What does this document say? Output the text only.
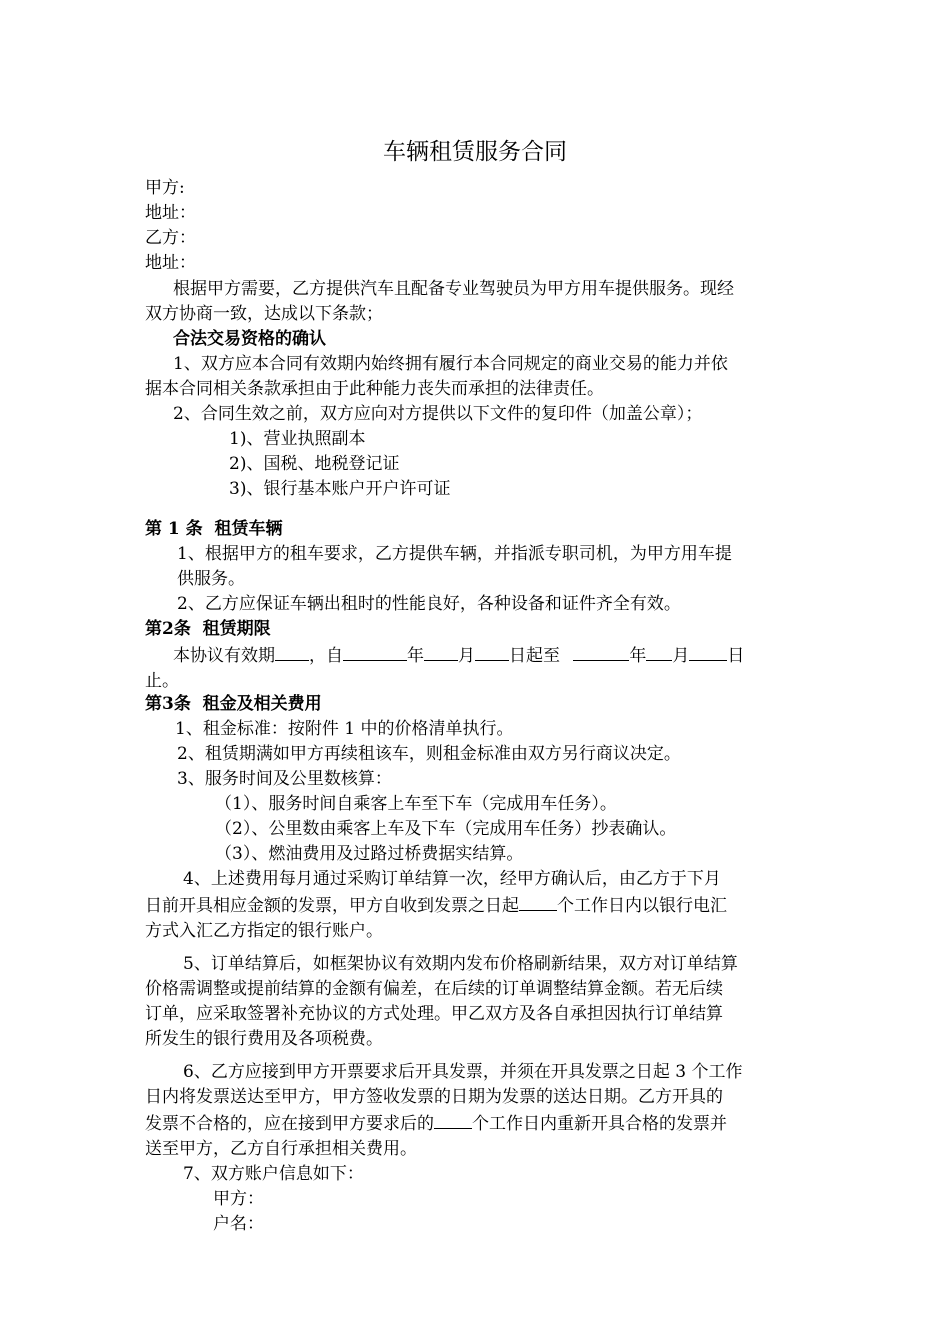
车辆租赁服务合同

甲方:

地址：

乙方：

地址：

根据甲方需要，乙方提供汽车且配备专业驾驶员为甲方用车提供服务。现经

双方协商一致，达成以下条款；

合法交易资格的确认

1、双方应本合同有效期内始终拥有履行本合同规定的商业交易的能力并依

据本合同相关条款承担由于此种能力丧失而承担的法律责任。

2、合同生效之前，双方应向对方提供以下文件的复印件（加盖公章）；

1)、营业执照副本

2)、国税、地税登记证

3)、银行基本账户开户许可证

第 1 条  租赁车辆

1、根据甲方的租车要求，乙方提供车辆，并指派专职司机，为甲方用车提

供服务。

2、乙方应保证车辆出租时的性能良好，各种设备和证件齐全有效。

第2条  租赁期限

本协议有效期 ，自	年 月 日起至	年 月 日

止。

第3条  租金及相关费用

1、租金标准：按附件 1 中的价格清单执行。

2、租赁期满如甲方再续租该车，则租金标准由双方另行商议决定。

3、服务时间及公里数核算：

（1）、服务时间自乘客上车至下车（完成用车任务）。

（2）、公里数由乘客上车及下车（完成用车任务）抄表确认。

（3）、燃油费用及过路过桥费据实结算。

4、上述费用每月通过采购订单结算一次，经甲方确认后，由乙方于下月

日前开具相应金额的发票，甲方自收到发票之日起 个工作日内以银行电汇

方式入汇乙方指定的银行账户。

5、订单结算后，如框架协议有效期内发布价格刷新结果，双方对订单结算

价格需调整或提前结算的金额有偏差，在后续的订单调整结算金额。若无后续

订单，应采取签署补充协议的方式处理。甲乙双方及各自承担因执行订单结算

所发生的银行费用及各项税费。

6、乙方应接到甲方开票要求后开具发票，并须在开具发票之日起 3 个工作

日内将发票送达至甲方，甲方签收发票的日期为发票的送达日期。乙方开具的

发票不合格的，应在接到甲方要求后的 个工作日内重新开具合格的发票并

送至甲方，乙方自行承担相关费用。

7、双方账户信息如下：

甲方：

户名：
